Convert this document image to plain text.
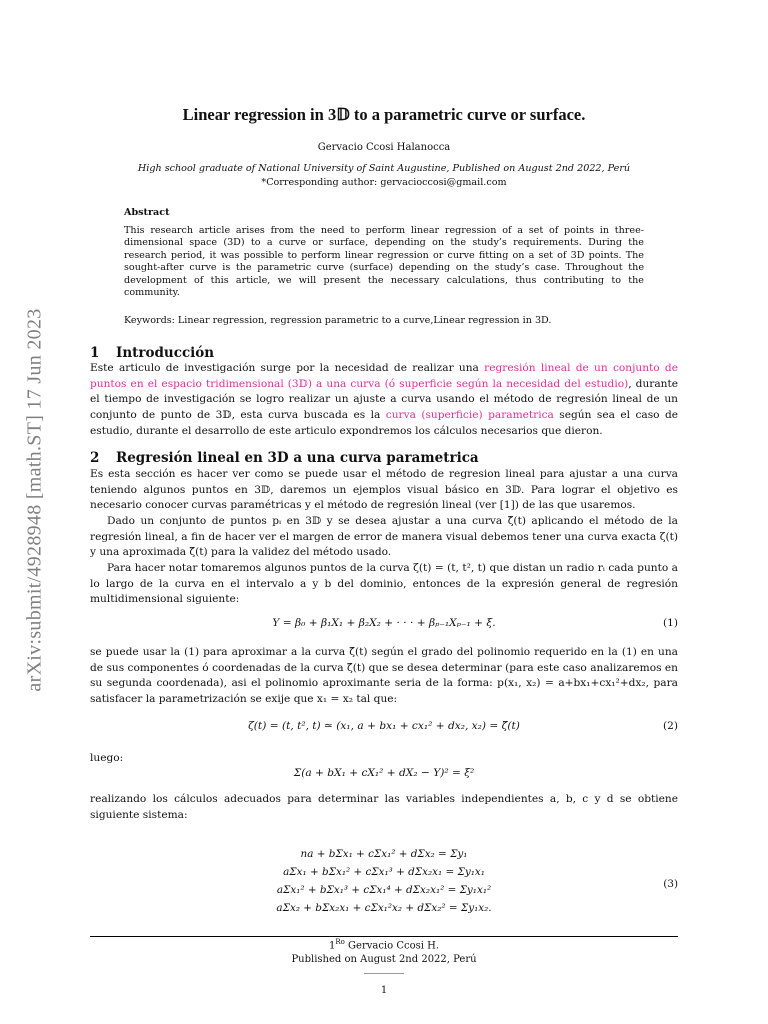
arXiv:submit/4928948 [math.ST] 17 Jun 2023
Linear regression in 3𝔻 to a parametric curve or surface.
Gervacio Ccosi Halanocca
High school graduate of National University of Saint Augustine, Published on August 2nd 2022, Perú
*Corresponding author: gervacioccosi@gmail.com
Abstract

This research article arises from the need to perform linear regression of a set of points in three-dimensional space (3D) to a curve or surface, depending on the study’s requirements. During the research period, it was possible to perform linear regression or curve fitting on a set of 3D points. The sought-after curve is the parametric curve (surface) depending on the study’s case. Throughout the development of this article, we will present the necessary calculations, thus contributing to the community.

Keywords: Linear regression, regression parametric to a curve,Linear regression in 3D.

1 Introducción

Este articulo de investigación surge por la necesidad de realizar una regresión lineal de un conjunto de puntos en el espacio tridimensional (3𝔻) a una curva (ó superficie según la necesidad del estudio), durante el tiempo de investigación se logro realizar un ajuste a curva usando el método de regresión lineal de un conjunto de punto de 3𝔻, esta curva buscada es la curva (superficie) parametrica según sea el caso de estudio, durante el desarrollo de este articulo expondremos los cálculos necesarios que dieron.

2 Regresión lineal en 3D a una curva parametrica

Es esta sección es hacer ver como se puede usar el método de regresion lineal para ajustar a una curva teniendo algunos puntos en 3𝔻, daremos un ejemplos visual básico en 3𝔻. Para lograr el objetivo es necesario conocer curvas paramétricas y el método de regresión lineal (ver [1]) de las que usaremos.

Dado un conjunto de puntos pᵢ en 3𝔻 y se desea ajustar a una curva ζ̃(t) aplicando el método de la regresión lineal, a fin de hacer ver el margen de error de manera visual debemos tener una curva exacta ζ(t) y una aproximada ζ̃(t) para la validez del método usado.

Para hacer notar tomaremos algunos puntos de la curva ζ(t) = (t, t², t) que distan un radio rᵢ cada punto a lo largo de la curva en el intervalo a y b del dominio, entonces de la expresión general de regresión multidimensional siguiente:

Y = β₀ + β₁X₁ + β₂X₂ + · · · + βₚ₋₁Xₚ₋₁ + ξ.	(1)

se puede usar la (1) para aproximar a la curva ζ̃(t) según el grado del polinomio requerido en la (1) en una de sus componentes ó coordenadas de la curva ζ̃(t) que se desea determinar (para este caso analizaremos en su segunda coordenada), asi el polinomio aproximante seria de la forma: p(x₁, x₂) = a+bx₁+cx₁²+dx₂, para satisfacer la parametrización se exije que x₁ = x₂ tal que:

ζ(t) = (t, t², t) ≃ (x₁, a + bx₁ + cx₁² + dx₂, x₂) = ζ̃(t)	(2)

luego:

Σ(a + bX₁ + cX₁² + dX₂ − Y)² = ξ²

realizando los cálculos adecuados para determinar las variables independientes a, b, c y d se obtiene siguiente sistema:

na + bΣx₁ + cΣx₁² + dΣx₂ = Σy₁
aΣx₁ + bΣx₁² + cΣx₁³ + dΣx₂x₁ = Σy₁x₁
aΣx₁² + bΣx₁³ + cΣx₁⁴ + dΣx₂x₁² = Σy₁x₁²
aΣx₂ + bΣx₂x₁ + cΣx₁²x₂ + dΣx₂² = Σy₁x₂.
(3)
$1^{Ro}$ Gervacio Ccosi H.
Published on August 2nd 2022, Perú
1
